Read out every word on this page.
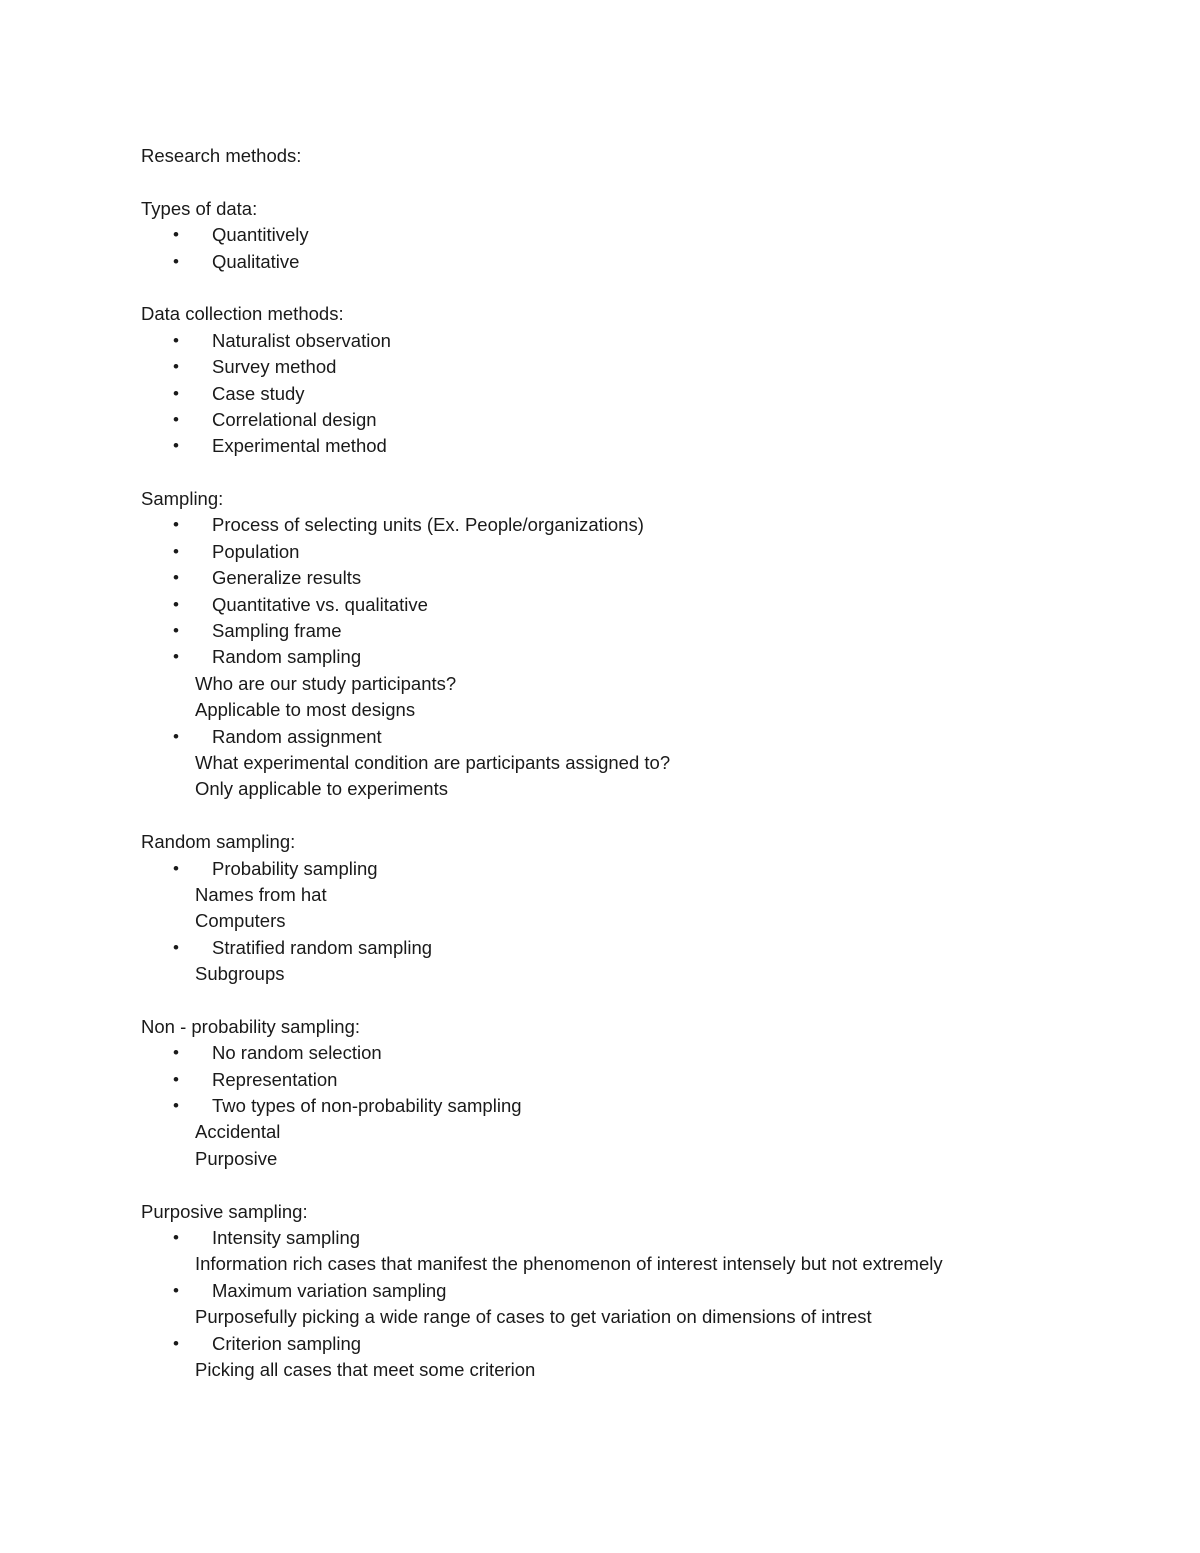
Research methods:

Types of data:

• Quantitively
• Qualitative

Data collection methods:

• Naturalist observation
• Survey method
• Case study
• Correlational design
• Experimental method

Sampling:

• Process of selecting units (Ex. People/organizations)
• Population
• Generalize results
• Quantitative vs. qualitative
• Sampling frame
• Random sampling
Who are our study participants?
Applicable to most designs
• Random assignment
What experimental condition are participants assigned to?
Only applicable to experiments

Random sampling:

• Probability sampling
Names from hat
Computers
• Stratified random sampling
Subgroups

Non - probability sampling:

• No random selection
• Representation
• Two types of non-probability sampling
Accidental
Purposive

Purposive sampling:

• Intensity sampling
Information rich cases that manifest the phenomenon of interest intensely but not extremely
• Maximum variation sampling
Purposefully picking a wide range of cases to get variation on dimensions of intrest
• Criterion sampling
Picking all cases that meet some criterion
